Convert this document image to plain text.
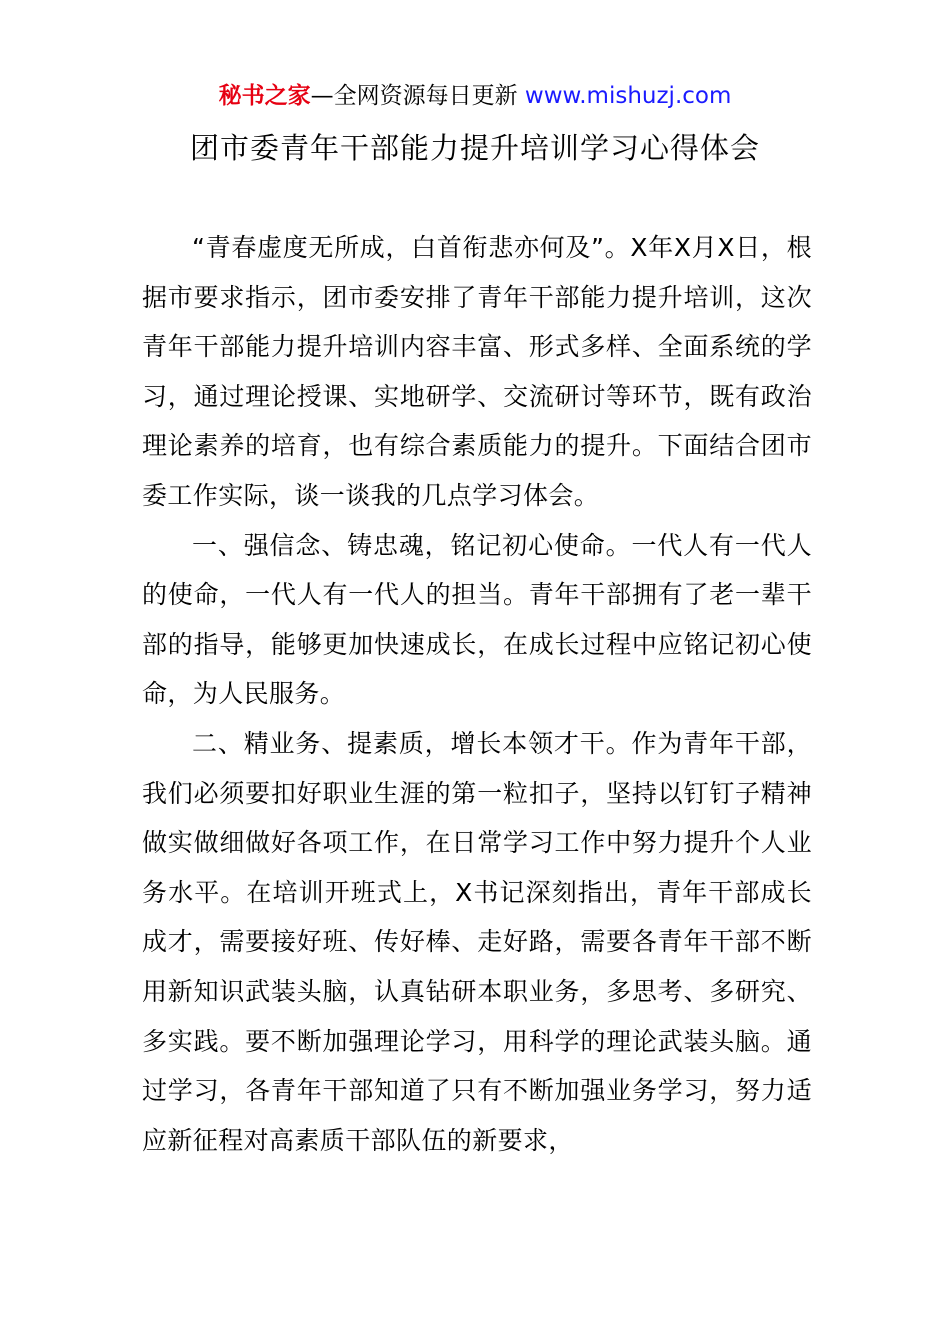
秘书之家—全网资源每日更新 www.mishuzj.com
团市委青年干部能力提升培训学习心得体会

“青春虚度无所成，白首衔悲亦何及”。X年X月X日，根据市要求指示，团市委安排了青年干部能力提升培训，这次青年干部能力提升培训内容丰富、形式多样、全面系统的学习，通过理论授课、实地研学、交流研讨等环节，既有政治理论素养的培育，也有综合素质能力的提升。下面结合团市委工作实际，谈一谈我的几点学习体会。

一、强信念、铸忠魂，铭记初心使命。一代人有一代人的使命，一代人有一代人的担当。青年干部拥有了老一辈干部的指导，能够更加快速成长，在成长过程中应铭记初心使命，为人民服务。

二、精业务、提素质，增长本领才干。作为青年干部，我们必须要扣好职业生涯的第一粒扣子，坚持以钉钉子精神做实做细做好各项工作，在日常学习工作中努力提升个人业务水平。在培训开班式上，X书记深刻指出，青年干部成长成才，需要接好班、传好棒、走好路，需要各青年干部不断用新知识武装头脑，认真钻研本职业务，多思考、多研究、多实践。要不断加强理论学习，用科学的理论武装头脑。通过学习，各青年干部知道了只有不断加强业务学习，努力适应新征程对高素质干部队伍的新要求，
